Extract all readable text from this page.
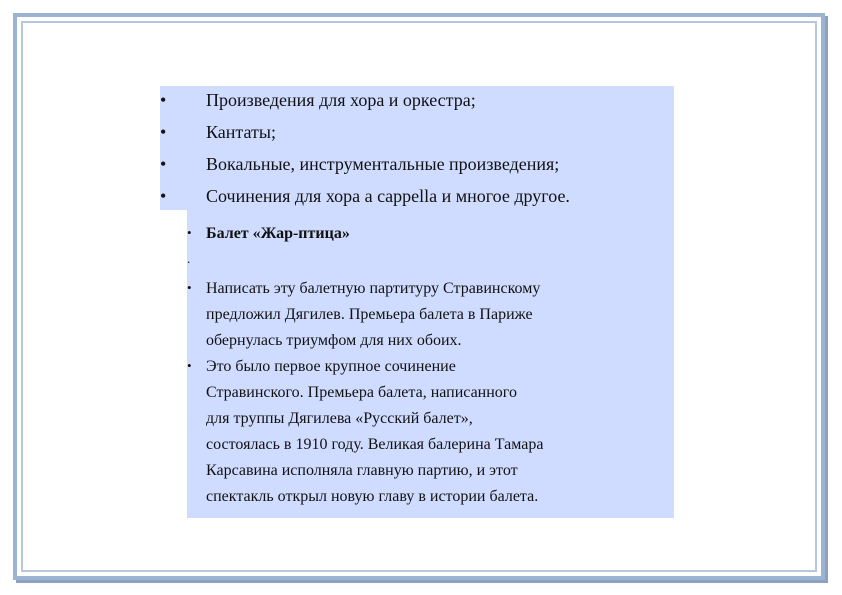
•	Произведения для хора и оркестра;
•	Кантаты;
•	Вокальные, инструментальные произведения;
•	Сочинения для хора а cappella и многое другое.
• Балет «Жар-птица»
.
• Написать эту балетную партитуру Стравинскому
предложил Дягилев. Премьера балета в Париже
обернулась триумфом для них обоих.
• Это было первое крупное сочинение
Стравинского. Премьера балета, написанного
для труппы Дягилева «Русский балет»,
состоялась в 1910 году. Великая балерина Тамара
Карсавина исполняла главную партию, и этот
спектакль открыл новую главу в истории балета.
